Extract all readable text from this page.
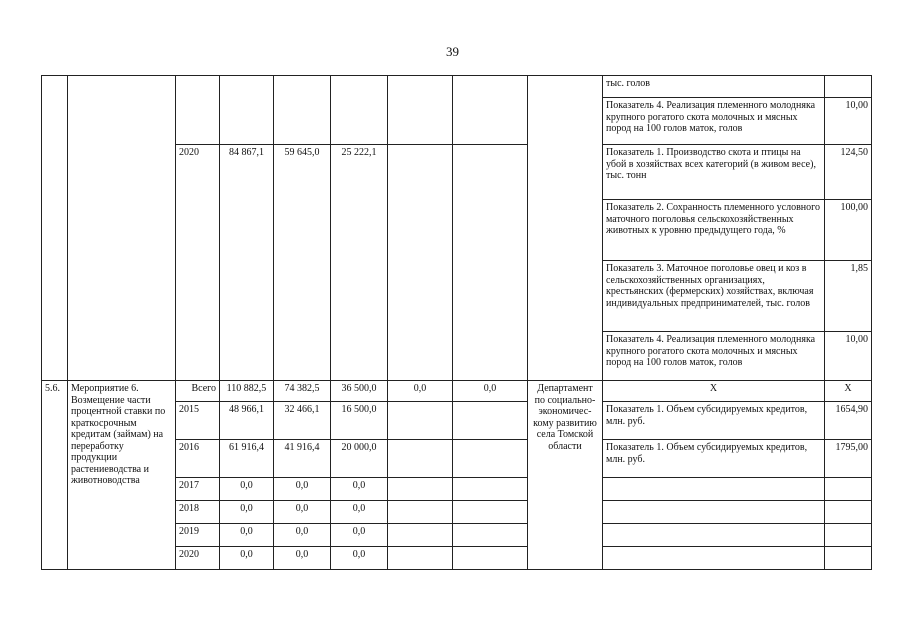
39
									тыс. голов	
									Показатель 4. Реализация племенного молодняка крупного рогатого скота молочных и мясных пород на 100 голов маток, голов	10,00
		2020	84 867,1	59 645,0	25 222,1				Показатель 1. Производство скота и птицы на убой в хозяйствах всех категорий (в живом весе), тыс. тонн	124,50
									Показатель 2. Сохранность племенного условного маточного поголовья сельскохозяйственных животных к уровню предыдущего года, %	100,00
									Показатель 3. Маточное поголовье овец и коз в сельскохозяйственных организациях, крестьянских (фермерских) хозяйствах, включая индивидуальных предпринимателей, тыс. голов	1,85
									Показатель 4. Реализация племенного молодняка крупного рогатого скота молочных и мясных пород на 100 голов маток, голов	10,00

5.6.	Мероприятие 6. Возмещение части процентной ставки по краткосрочным кредитам (займам) на переработку продукции растениеводства и животноводства	Всего	110 882,5	74 382,5	36 500,0	0,0	0,0	Департамент по социально-экономичес-кому развитию села Томской области	Х	Х
		2015	48 966,1	32 466,1	16 500,0				Показатель 1. Объем субсидируемых кредитов, млн. руб.	1654,90
		2016	61 916,4	41 916,4	20 000,0				Показатель 1. Объем субсидируемых кредитов, млн. руб.	1795,00
		2017	0,0	0,0	0,0					
		2018	0,0	0,0	0,0					
		2019	0,0	0,0	0,0					
		2020	0,0	0,0	0,0					
